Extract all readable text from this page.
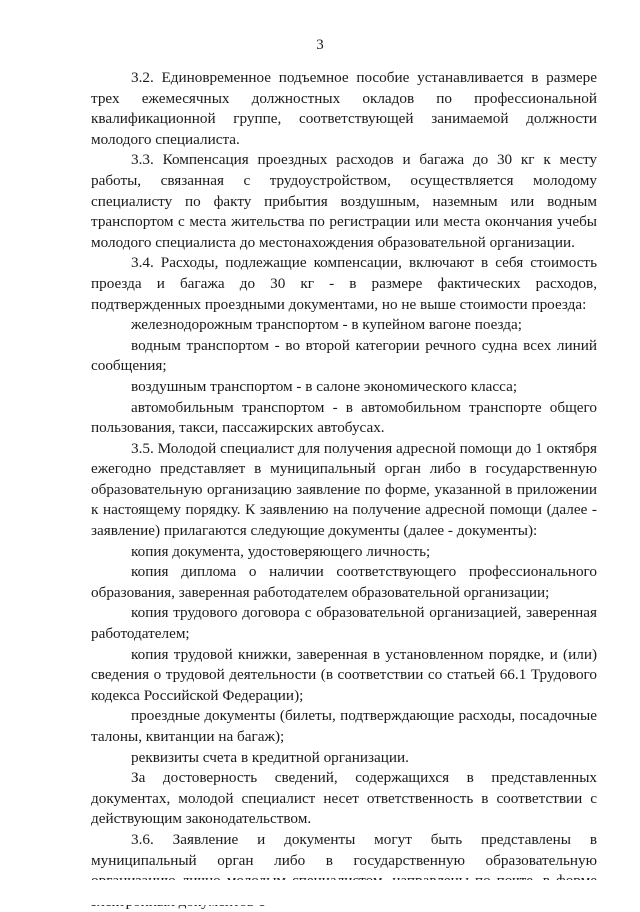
3

3.2. Единовременное подъемное пособие устанавливается в размере трех ежемесячных должностных окладов по профессиональной квалификационной группе, соответствующей занимаемой должности молодого специалиста.

3.3. Компенсация проездных расходов и багажа до 30 кг к месту работы, связанная с трудоустройством, осуществляется молодому специалисту по факту прибытия воздушным, наземным или водным транспортом с места жительства по регистрации или места окончания учебы молодого специалиста до местонахождения образовательной организации.

3.4. Расходы, подлежащие компенсации, включают в себя стоимость проезда и багажа до 30 кг - в размере фактических расходов, подтвержденных проездными документами, но не выше стоимости проезда:

железнодорожным транспортом - в купейном вагоне поезда;

водным транспортом - во второй категории речного судна всех линий сообщения;

воздушным транспортом - в салоне экономического класса;

автомобильным транспортом - в автомобильном транспорте общего пользования, такси, пассажирских автобусах.

3.5. Молодой специалист для получения адресной помощи до 1 октября ежегодно представляет в муниципальный орган либо в государственную образовательную организацию заявление по форме, указанной в приложении к настоящему порядку. К заявлению на получение адресной помощи (далее - заявление) прилагаются следующие документы (далее - документы):

копия документа, удостоверяющего личность;

копия диплома о наличии соответствующего профессионального образования, заверенная работодателем образовательной организации;

копия трудового договора с образовательной организацией, заверенная работодателем;

копия трудовой книжки, заверенная в установленном порядке, и (или) сведения о трудовой деятельности (в соответствии со статьей 66.1 Трудового кодекса Российской Федерации);

проездные документы (билеты, подтверждающие расходы, посадочные талоны, квитанции на багаж);

реквизиты счета в кредитной организации.

За достоверность сведений, содержащихся в представленных документах, молодой специалист несет ответственность в соответствии с действующим законодательством.

3.6. Заявление и документы могут быть представлены в муниципальный орган либо в государственную образовательную
